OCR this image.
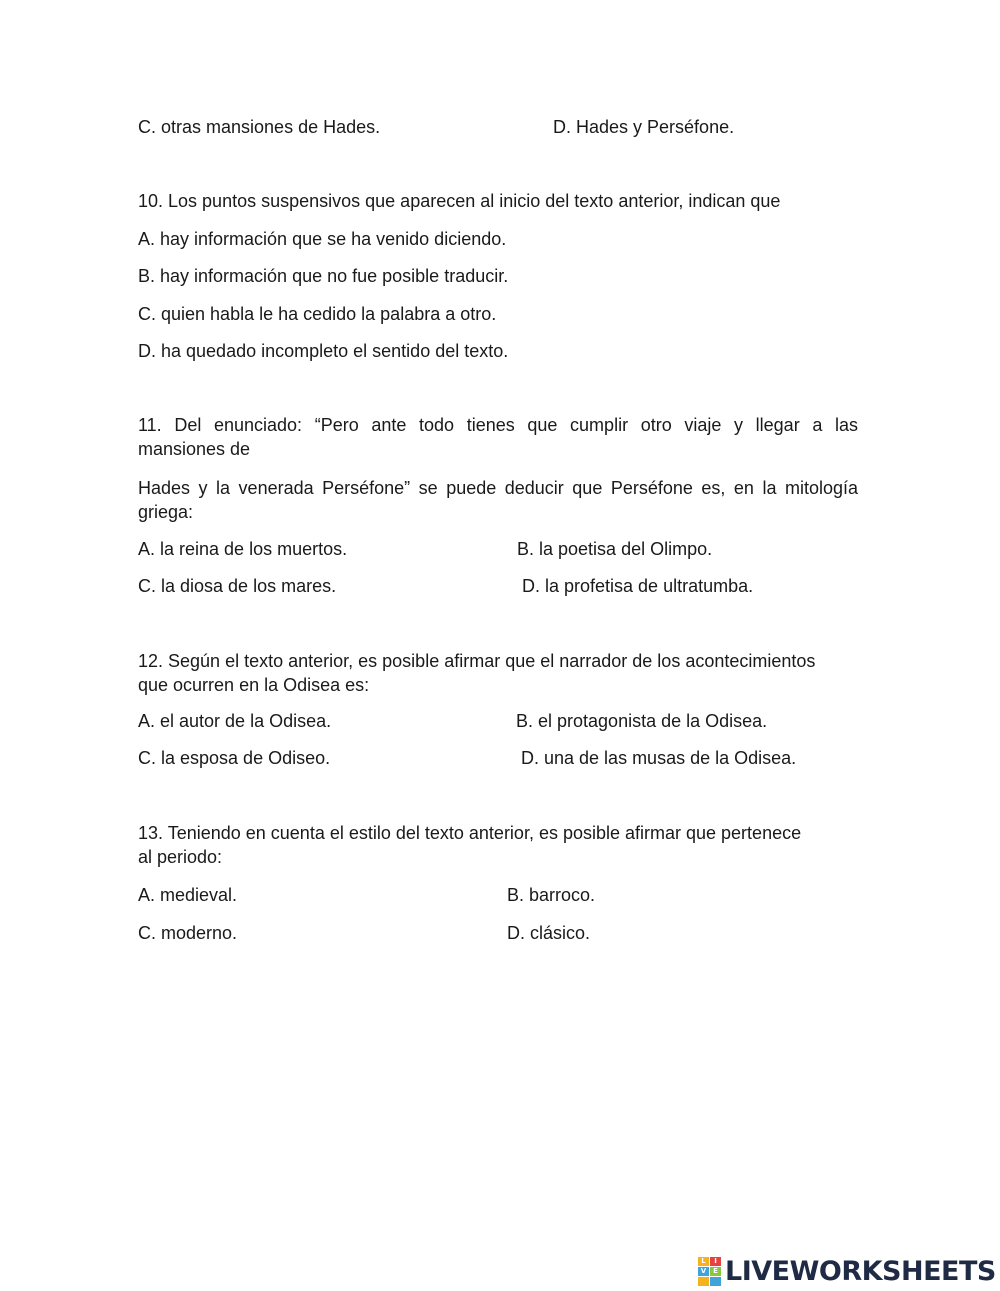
C. otras mansiones de Hades.	D. Hades y Perséfone.
10. Los puntos suspensivos que aparecen al inicio del texto anterior, indican que
A. hay información que se ha venido diciendo.
B. hay información que no fue posible traducir.
C. quien habla le ha cedido la palabra a otro.
D. ha quedado incompleto el sentido del texto.
11. Del enunciado: “Pero ante todo tienes que cumplir otro viaje y llegar a las
mansiones de
Hades y la venerada Perséfone” se puede deducir que Perséfone es, en la mitología
griega:
A. la reina de los muertos.	B. la poetisa del Olimpo.
C. la diosa de los mares.	D. la profetisa de ultratumba.
12. Según el texto anterior, es posible afirmar que el narrador de los acontecimientos
que ocurren en la Odisea es:
A. el autor de la Odisea.	B. el protagonista de la Odisea.
C. la esposa de Odiseo.	D. una de las musas de la Odisea.
13. Teniendo en cuenta el estilo del texto anterior, es posible afirmar que pertenece
al periodo:
A. medieval.	B. barroco.
C. moderno.	D. clásico.
L	I
V E LIVEWORKSHEETS
